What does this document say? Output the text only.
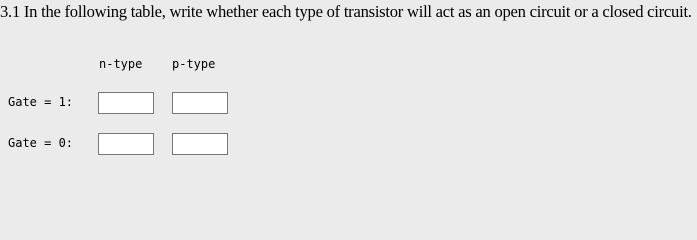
3.1 In the following table, write whether each type of transistor will act as an open circuit or a closed circuit.
n-type p-type
Gate = 1:
Gate = 0:
